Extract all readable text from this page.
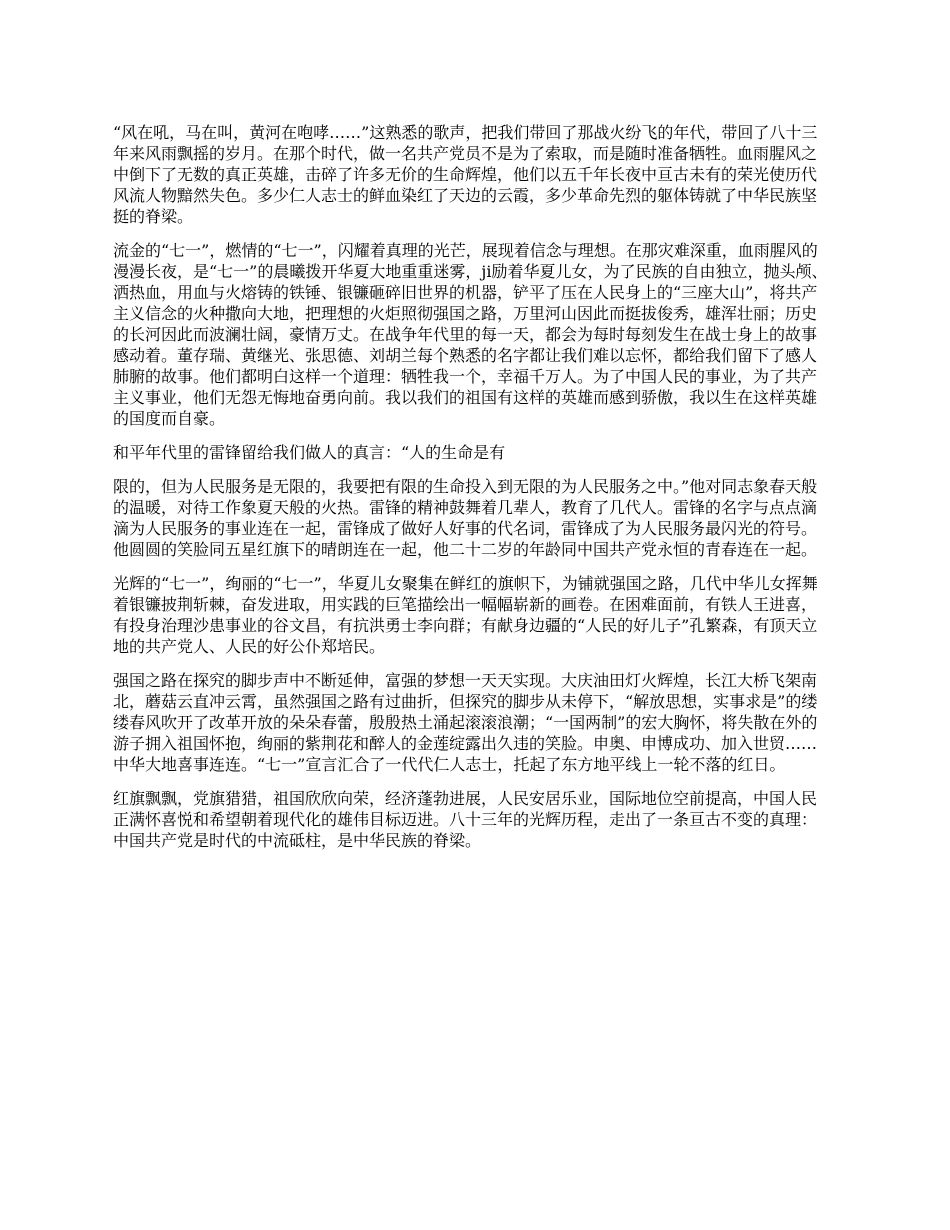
“风在吼，马在叫，黄河在咆哮……”这熟悉的歌声，把我们带回了那战火纷飞的年代，带回了八十三年来风雨飘摇的岁月。在那个时代，做一名共产党员不是为了索取，而是随时准备牺牲。血雨腥风之中倒下了无数的真正英雄，击碎了许多无价的生命辉煌，他们以五千年长夜中亘古未有的荣光使历代风流人物黯然失色。多少仁人志士的鲜血染红了天边的云霞，多少革命先烈的躯体铸就了中华民族坚挺的脊梁。

流金的“七一”，燃情的“七一”，闪耀着真理的光芒，展现着信念与理想。在那灾难深重，血雨腥风的漫漫长夜，是“七一”的晨曦拨开华夏大地重重迷雾，ji励着华夏儿女，为了民族的自由独立，抛头颅、洒热血，用血与火熔铸的铁锤、银镰砸碎旧世界的机器，铲平了压在人民身上的“三座大山”，将共产主义信念的火种撒向大地，把理想的火炬照彻强国之路，万里河山因此而挺拔俊秀，雄浑壮丽；历史的长河因此而波澜壮阔，豪情万丈。在战争年代里的每一天，都会为每时每刻发生在战士身上的故事感动着。董存瑞、黄继光、张思德、刘胡兰每个熟悉的名字都让我们难以忘怀，都给我们留下了感人肺腑的故事。他们都明白这样一个道理：牺牲我一个，幸福千万人。为了中国人民的事业，为了共产主义事业，他们无怨无悔地奋勇向前。我以我们的祖国有这样的英雄而感到骄傲，我以生在这样英雄的国度而自豪。

和平年代里的雷锋留给我们做人的真言：“人的生命是有

限的，但为人民服务是无限的，我要把有限的生命投入到无限的为人民服务之中。”他对同志象春天般的温暖，对待工作象夏天般的火热。雷锋的精神鼓舞着几辈人，教育了几代人。雷锋的名字与点点滴滴为人民服务的事业连在一起，雷锋成了做好人好事的代名词，雷锋成了为人民服务最闪光的符号。他圆圆的笑脸同五星红旗下的晴朗连在一起，他二十二岁的年龄同中国共产党永恒的青春连在一起。

光辉的“七一”，绚丽的“七一”，华夏儿女聚集在鲜红的旗帜下，为铺就强国之路，几代中华儿女挥舞着银镰披荆斩棘，奋发进取，用实践的巨笔描绘出一幅幅崭新的画卷。在困难面前，有铁人王进喜，有投身治理沙患事业的谷文昌，有抗洪勇士李向群；有献身边疆的“人民的好儿子”孔繁森，有顶天立地的共产党人、人民的好公仆郑培民。

强国之路在探究的脚步声中不断延伸，富强的梦想一天天实现。大庆油田灯火辉煌，长江大桥飞架南北，蘑菇云直冲云霄，虽然强国之路有过曲折，但探究的脚步从未停下，“解放思想，实事求是”的缕缕春风吹开了改革开放的朵朵春蕾，殷殷热土涌起滚滚浪潮；“一国两制”的宏大胸怀，将失散在外的游子拥入祖国怀抱，绚丽的紫荆花和醉人的金莲绽露出久违的笑脸。申奥、申博成功、加入世贸……中华大地喜事连连。“七一”宣言汇合了一代代仁人志士，托起了东方地平线上一轮不落的红日。

红旗飘飘，党旗猎猎，祖国欣欣向荣，经济蓬勃进展，人民安居乐业，国际地位空前提高，中国人民正满怀喜悦和希望朝着现代化的雄伟目标迈进。八十三年的光辉历程，走出了一条亘古不变的真理：中国共产党是时代的中流砥柱，是中华民族的脊梁。
